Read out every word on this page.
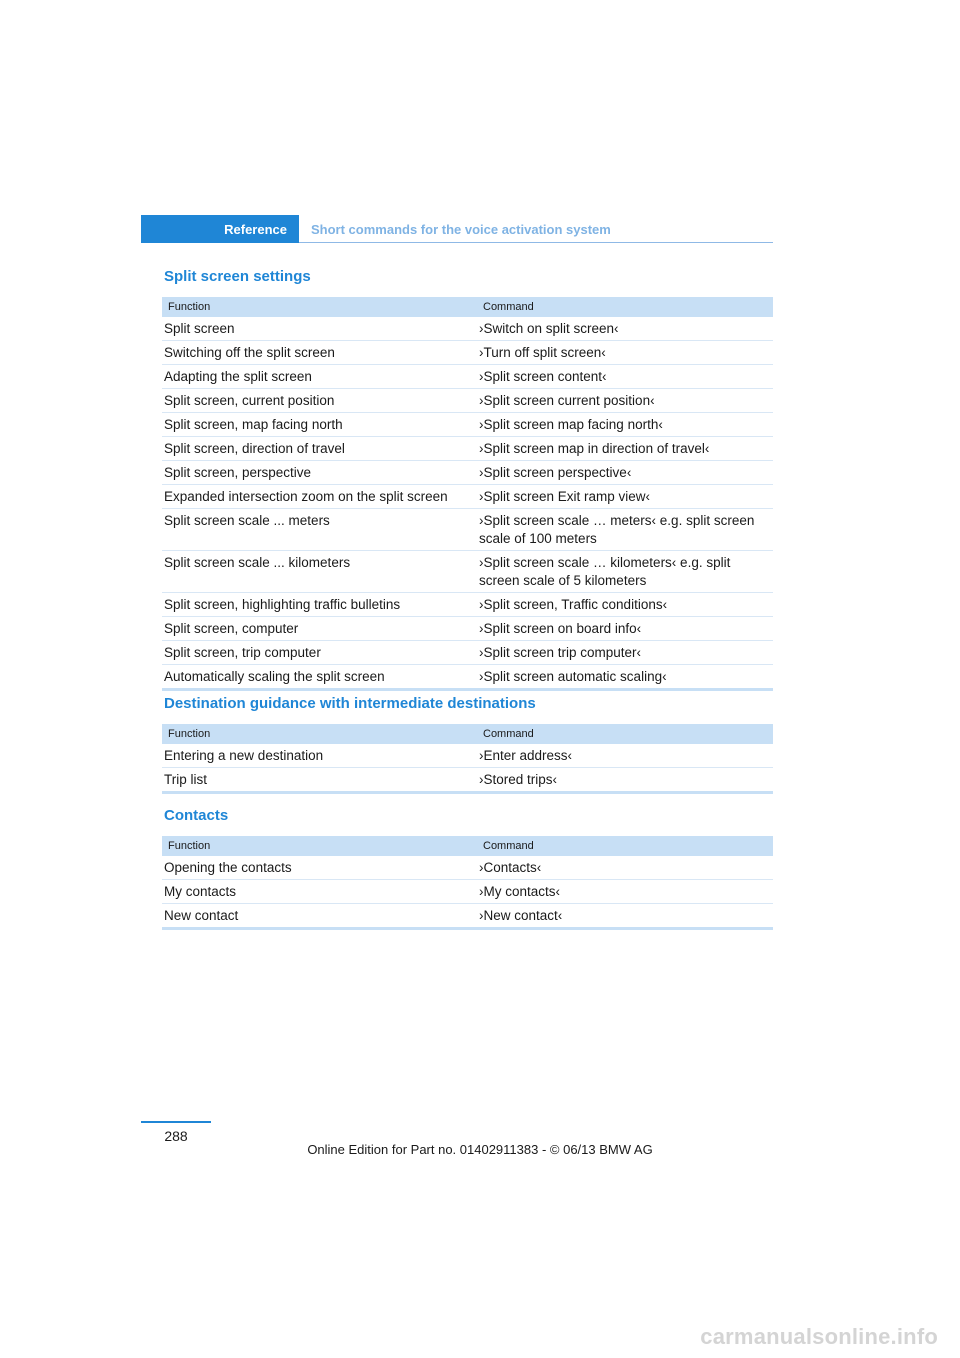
Reference	Short commands for the voice activation system
Split screen settings
Function	Command
Split screen	›Switch on split screen‹
Switching off the split screen	›Turn off split screen‹
Adapting the split screen	›Split screen content‹
Split screen, current position	›Split screen current position‹
Split screen, map facing north	›Split screen map facing north‹
Split screen, direction of travel	›Split screen map in direction of travel‹
Split screen, perspective	›Split screen perspective‹
Expanded intersection zoom on the split screen	›Split screen Exit ramp view‹
Split screen scale ... meters	›Split screen scale … meters‹ e.g. split screen scale of 100 meters
Split screen scale ... kilometers	›Split screen scale … kilometers‹ e.g. split screen scale of 5 kilometers
Split screen, highlighting traffic bulletins	›Split screen, Traffic conditions‹
Split screen, computer	›Split screen on board info‹
Split screen, trip computer	›Split screen trip computer‹
Automatically scaling the split screen	›Split screen automatic scaling‹
Destination guidance with intermediate destinations
Function	Command
Entering a new destination	›Enter address‹
Trip list	›Stored trips‹
Contacts
Function	Command
Opening the contacts	›Contacts‹
My contacts	›My contacts‹
New contact	›New contact‹
288
Online Edition for Part no. 01402911383 - © 06/13 BMW AG
carmanualsonline.info
